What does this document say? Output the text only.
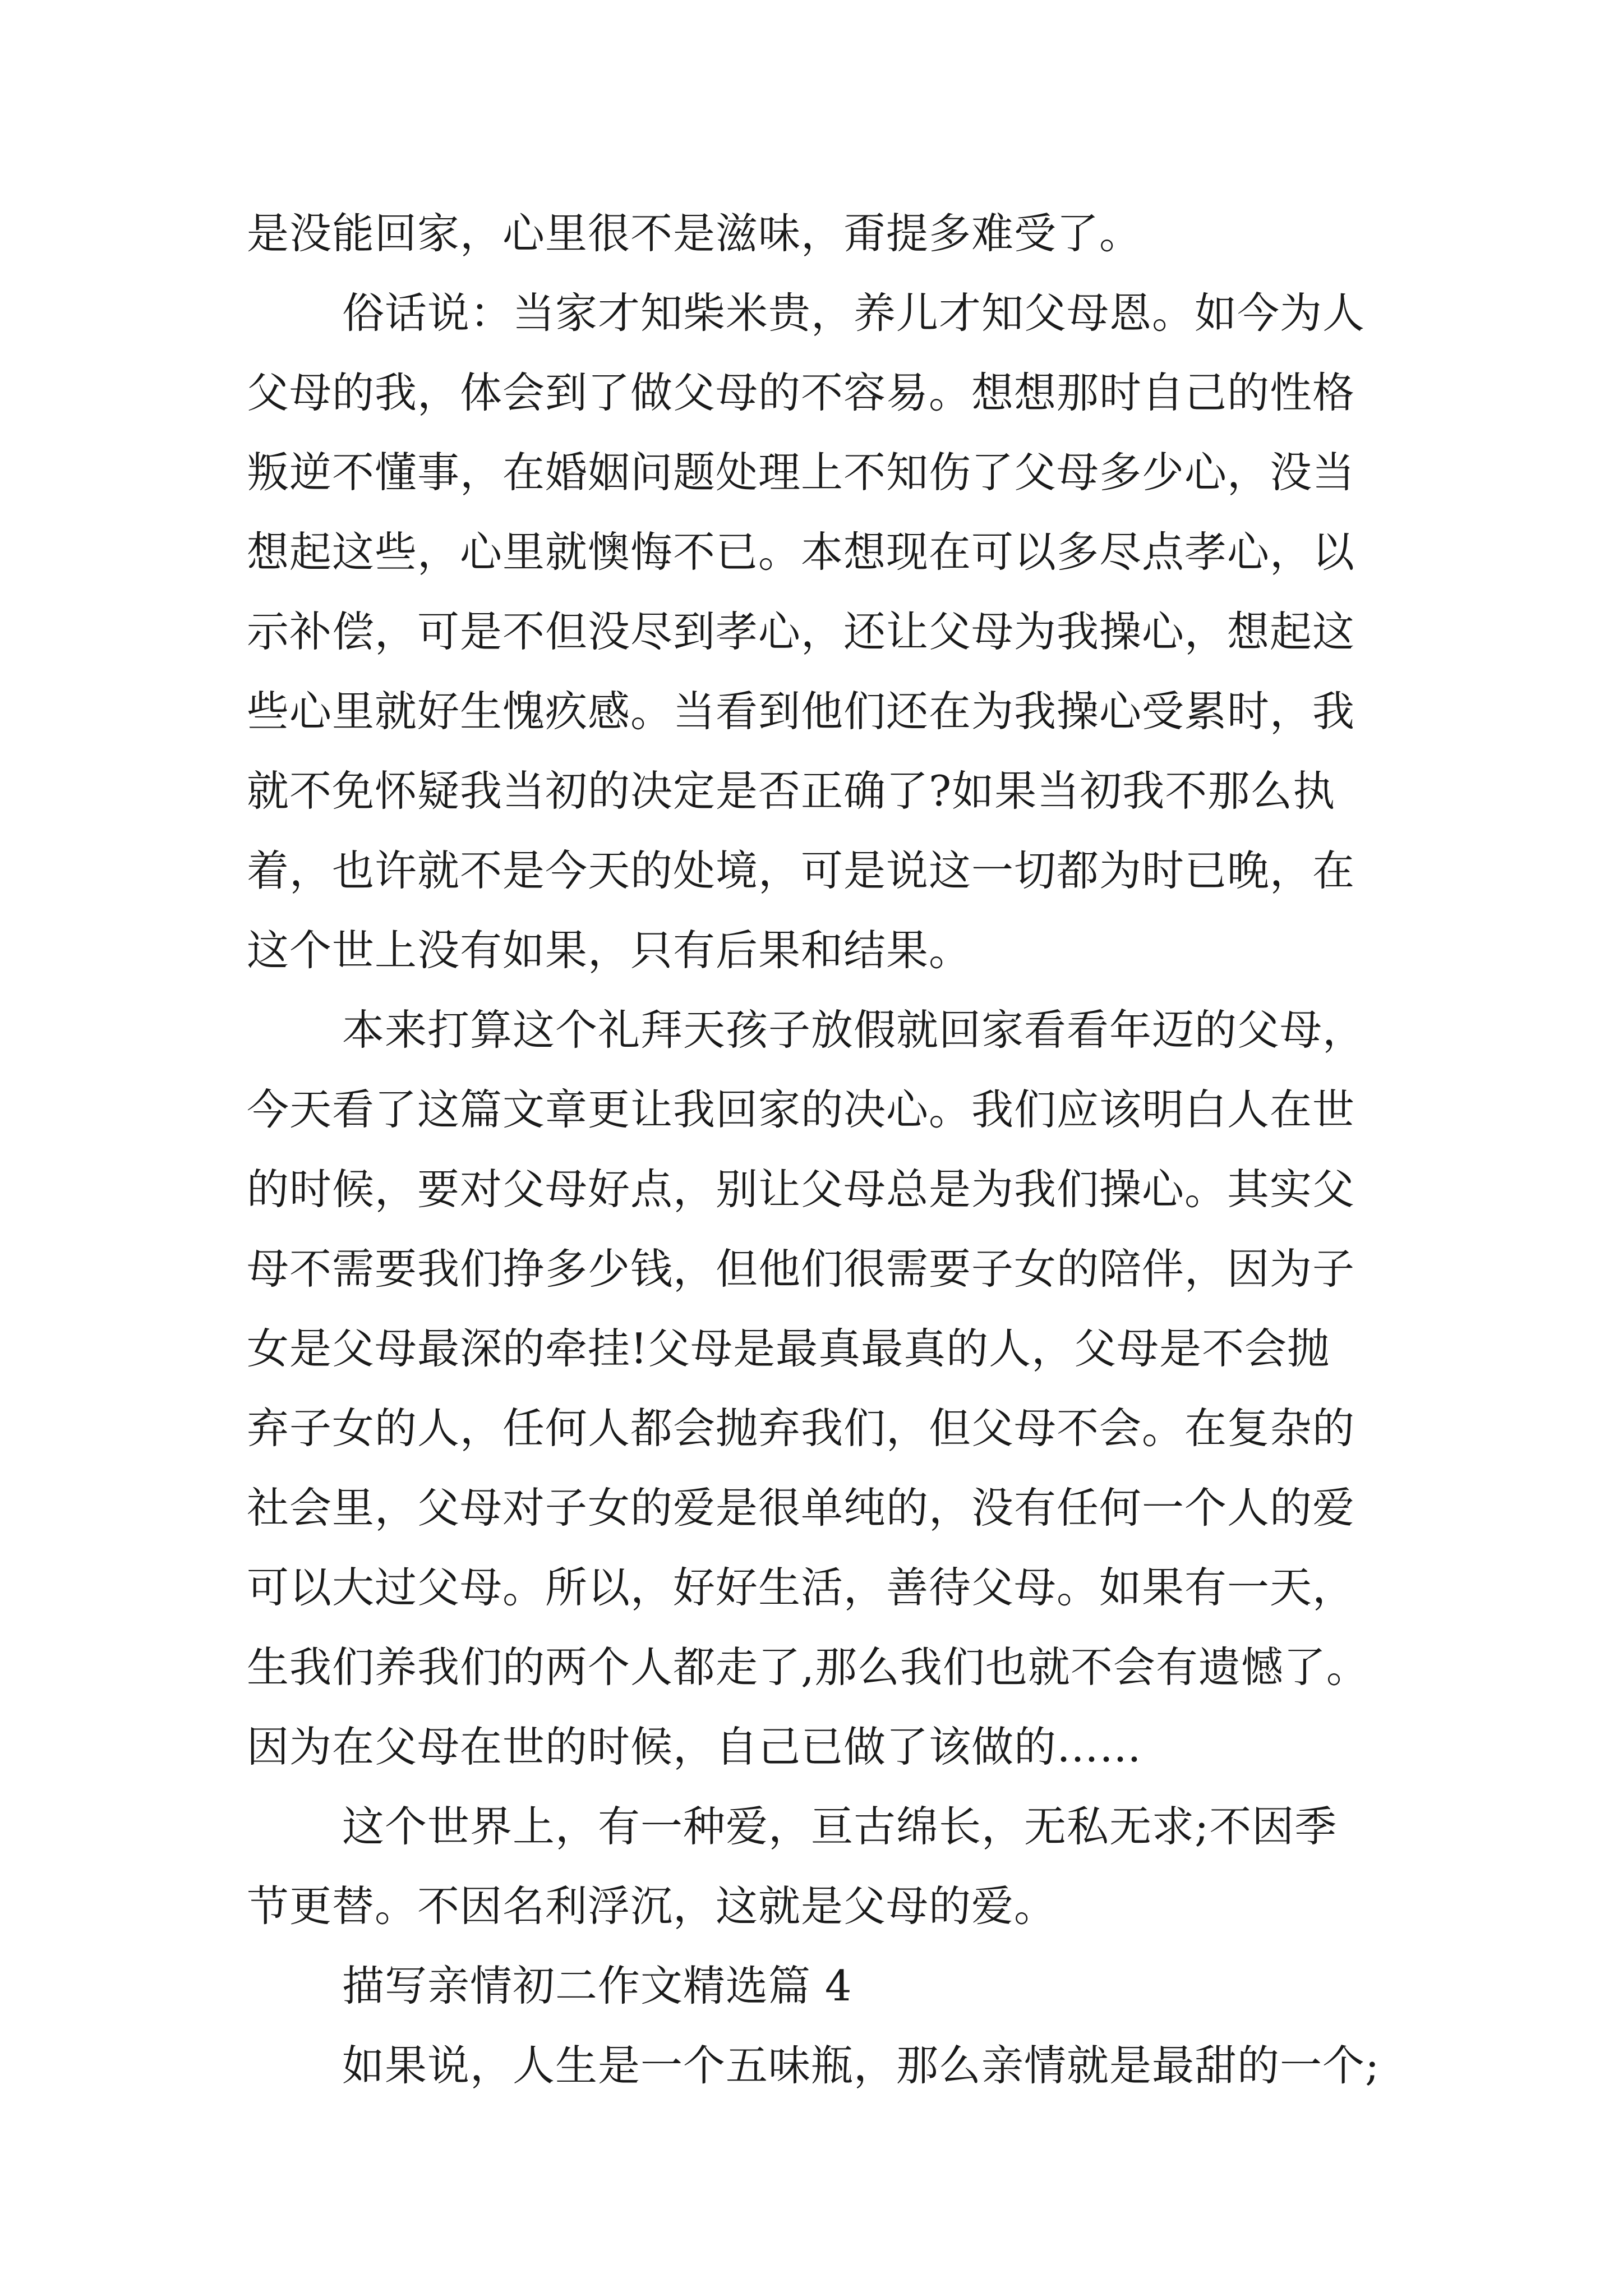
是没能回家，心里很不是滋味，甭提多难受了。
俗话说：当家才知柴米贵，养儿才知父母恩。如今为人
父母的我，体会到了做父母的不容易。想想那时自己的性格
叛逆不懂事，在婚姻问题处理上不知伤了父母多少心，没当
想起这些，心里就懊悔不已。本想现在可以多尽点孝心，以
示补偿，可是不但没尽到孝心，还让父母为我操心，想起这
些心里就好生愧疚感。当看到他们还在为我操心受累时，我
就不免怀疑我当初的决定是否正确了?如果当初我不那么执
着，也许就不是今天的处境，可是说这一切都为时已晚，在
这个世上没有如果，只有后果和结果。
本来打算这个礼拜天孩子放假就回家看看年迈的父母，
今天看了这篇文章更让我回家的决心。我们应该明白人在世
的时候，要对父母好点，别让父母总是为我们操心。其实父
母不需要我们挣多少钱，但他们很需要子女的陪伴，因为子
女是父母最深的牵挂!父母是最真最真的人，父母是不会抛
弃子女的人，任何人都会抛弃我们，但父母不会。在复杂的
社会里，父母对子女的爱是很单纯的，没有任何一个人的爱
可以大过父母。所以，好好生活，善待父母。如果有一天，
生我们养我们的两个人都走了,那么我们也就不会有遗憾了。
因为在父母在世的时候，自己已做了该做的……
这个世界上，有一种爱，亘古绵长，无私无求;不因季
节更替。不因名利浮沉，这就是父母的爱。
描写亲情初二作文精选篇 4
如果说，人生是一个五味瓶，那么亲情就是最甜的一个;
